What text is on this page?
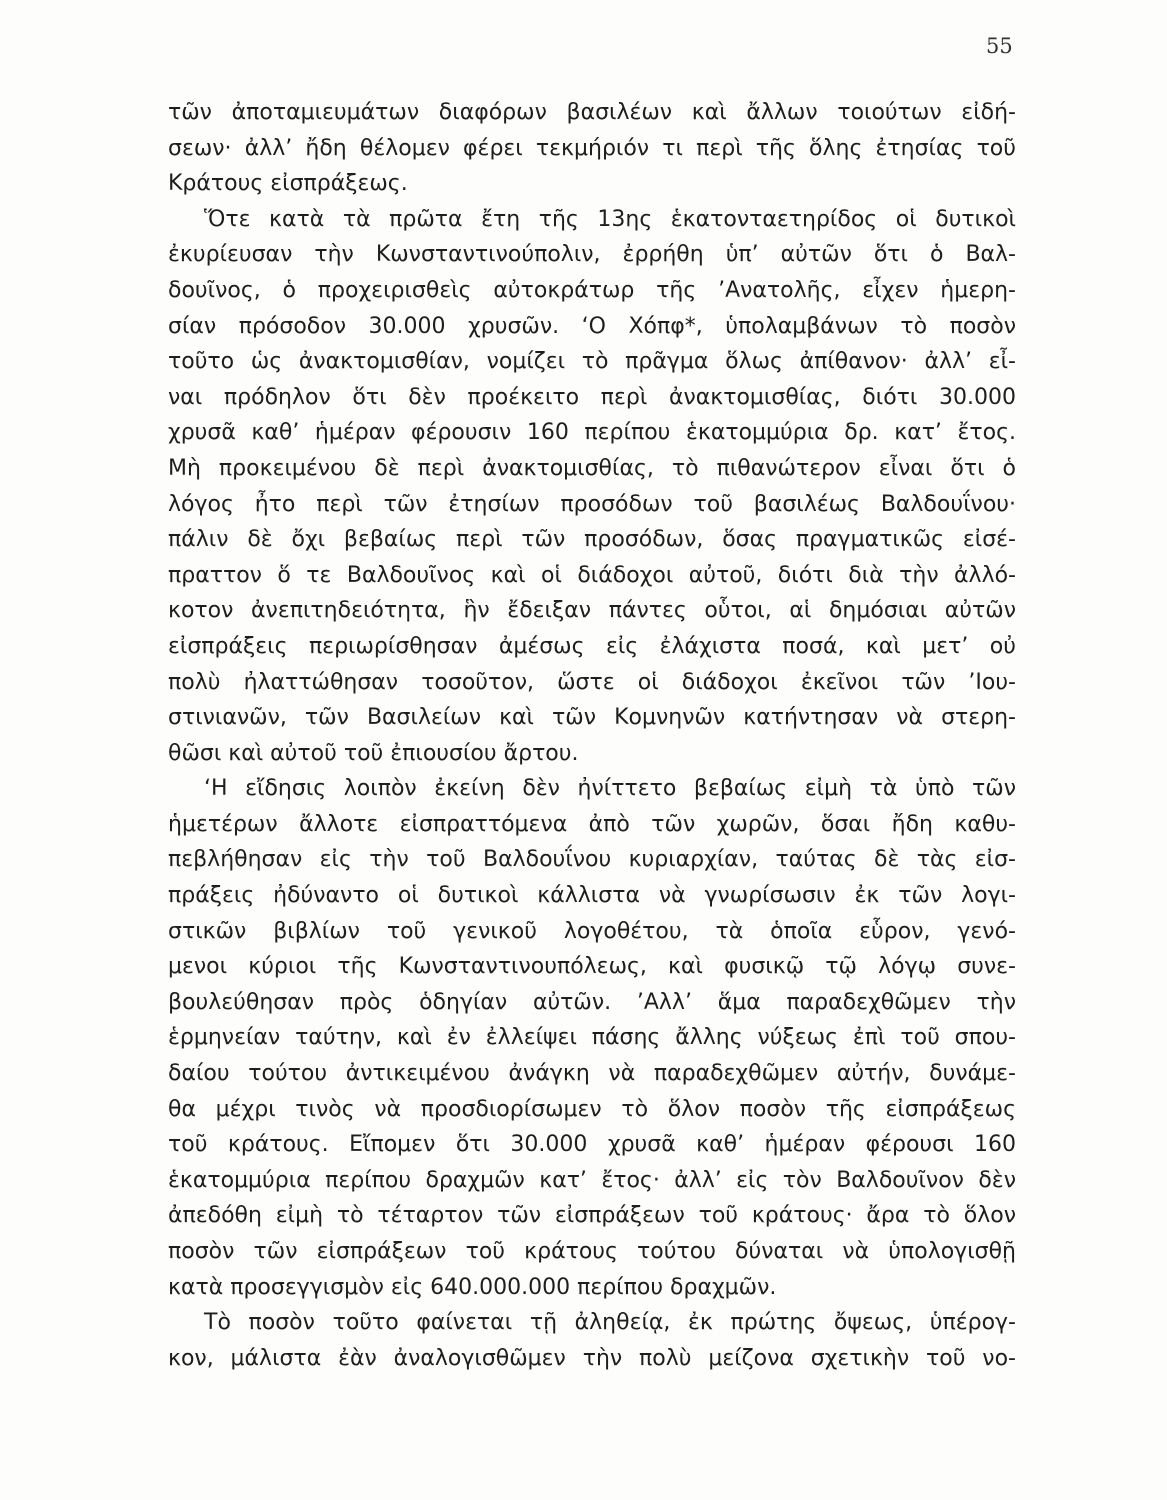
55
τῶν ἀποταμιευμάτων διαφόρων βασιλέων καὶ ἄλλων τοιούτων εἰδή-
σεων· ἀλλ’ ἤδη θέλομεν φέρει τεκμήριόν τι περὶ τῆς ὅλης ἐτησίας τοῦ
Κράτους εἰσπράξεως.
Ὅτε κατὰ τὰ πρῶτα ἔτη τῆς 13ης ἑκατονταετηρίδος οἱ δυτικοὶ
ἐκυρίευσαν τὴν Κωνσταντινούπολιν, ἐρρήθη ὑπ’ αὐτῶν ὅτι ὁ Βαλ-
δουῖνος, ὁ προχειρισθεὶς αὐτοκράτωρ τῆς ’Ανατολῆς, εἶχεν ἡμερη-
σίαν πρόσοδον 30.000 χρυσῶν. ‘Ο Χόπφ*, ὑπολαμβάνων τὸ ποσὸν
τοῦτο ὡς ἀνακτομισθίαν, νομίζει τὸ πρᾶγμα ὅλως ἀπίθανον· ἀλλ’ εἶ-
ναι πρόδηλον ὅτι δὲν προέκειτο περὶ ἀνακτομισθίας, διότι 30.000
χρυσᾶ καθ’ ἡμέραν φέρουσιν 160 περίπου ἑκατομμύρια δρ. κατ’ ἔτος.
Μὴ προκειμένου δὲ περὶ ἀνακτομισθίας, τὸ πιθανώτερον εἶναι ὅτι ὁ
λόγος ἦτο περὶ τῶν ἐτησίων προσόδων τοῦ βασιλέως Βαλδουΐνου·
πάλιν δὲ ὄχι βεβαίως περὶ τῶν προσόδων, ὅσας πραγματικῶς εἰσέ-
πραττον ὅ τε Βαλδουῖνος καὶ οἱ διάδοχοι αὐτοῦ, διότι διὰ τὴν ἀλλό-
κοτον ἀνεπιτηδειότητα, ἣν ἔδειξαν πάντες οὗτοι, αἱ δημόσιαι αὐτῶν
εἰσπράξεις περιωρίσθησαν ἀμέσως εἰς ἐλάχιστα ποσά, καὶ μετ’ οὐ
πολὺ ἠλαττώθησαν τοσοῦτον, ὥστε οἱ διάδοχοι ἐκεῖνοι τῶν ’Ιου-
στινιανῶν, τῶν Βασιλείων καὶ τῶν Κομνηνῶν κατήντησαν νὰ στερη-
θῶσι καὶ αὐτοῦ τοῦ ἐπιουσίου ἄρτου.
‘Η εἴδησις λοιπὸν ἐκείνη δὲν ἠνίττετο βεβαίως εἰμὴ τὰ ὑπὸ τῶν
ἡμετέρων ἄλλοτε εἰσπραττόμενα ἀπὸ τῶν χωρῶν, ὅσαι ἤδη καθυ-
πεβλήθησαν εἰς τὴν τοῦ Βαλδουΐνου κυριαρχίαν, ταύτας δὲ τὰς εἰσ-
πράξεις ἠδύναντο οἱ δυτικοὶ κάλλιστα νὰ γνωρίσωσιν ἐκ τῶν λογι-
στικῶν βιβλίων τοῦ γενικοῦ λογοθέτου, τὰ ὁποῖα εὗρον, γενό-
μενοι κύριοι τῆς Κωνσταντινουπόλεως, καὶ φυσικῷ τῷ λόγῳ συνε-
βουλεύθησαν πρὸς ὁδηγίαν αὐτῶν. ’Αλλ’ ἅμα παραδεχθῶμεν τὴν
ἑρμηνείαν ταύτην, καὶ ἐν ἐλλείψει πάσης ἄλλης νύξεως ἐπὶ τοῦ σπου-
δαίου τούτου ἀντικειμένου ἀνάγκη νὰ παραδεχθῶμεν αὐτήν, δυνάμε-
θα μέχρι τινὸς νὰ προσδιορίσωμεν τὸ ὅλον ποσὸν τῆς εἰσπράξεως
τοῦ κράτους. Εἴπομεν ὅτι 30.000 χρυσᾶ καθ’ ἡμέραν φέρουσι 160
ἑκατομμύρια περίπου δραχμῶν κατ’ ἔτος· ἀλλ’ εἰς τὸν Βαλδουῖνον δὲν
ἀπεδόθη εἰμὴ τὸ τέταρτον τῶν εἰσπράξεων τοῦ κράτους· ἄρα τὸ ὅλον
ποσὸν τῶν εἰσπράξεων τοῦ κράτους τούτου δύναται νὰ ὑπολογισθῇ
κατὰ προσεγγισμὸν εἰς 640.000.000 περίπου δραχμῶν.
Τὸ ποσὸν τοῦτο φαίνεται τῇ ἀληθείᾳ, ἐκ πρώτης ὄψεως, ὑπέρογ-
κον, μάλιστα ἐὰν ἀναλογισθῶμεν τὴν πολὺ μείζονα σχετικὴν τοῦ νο-
